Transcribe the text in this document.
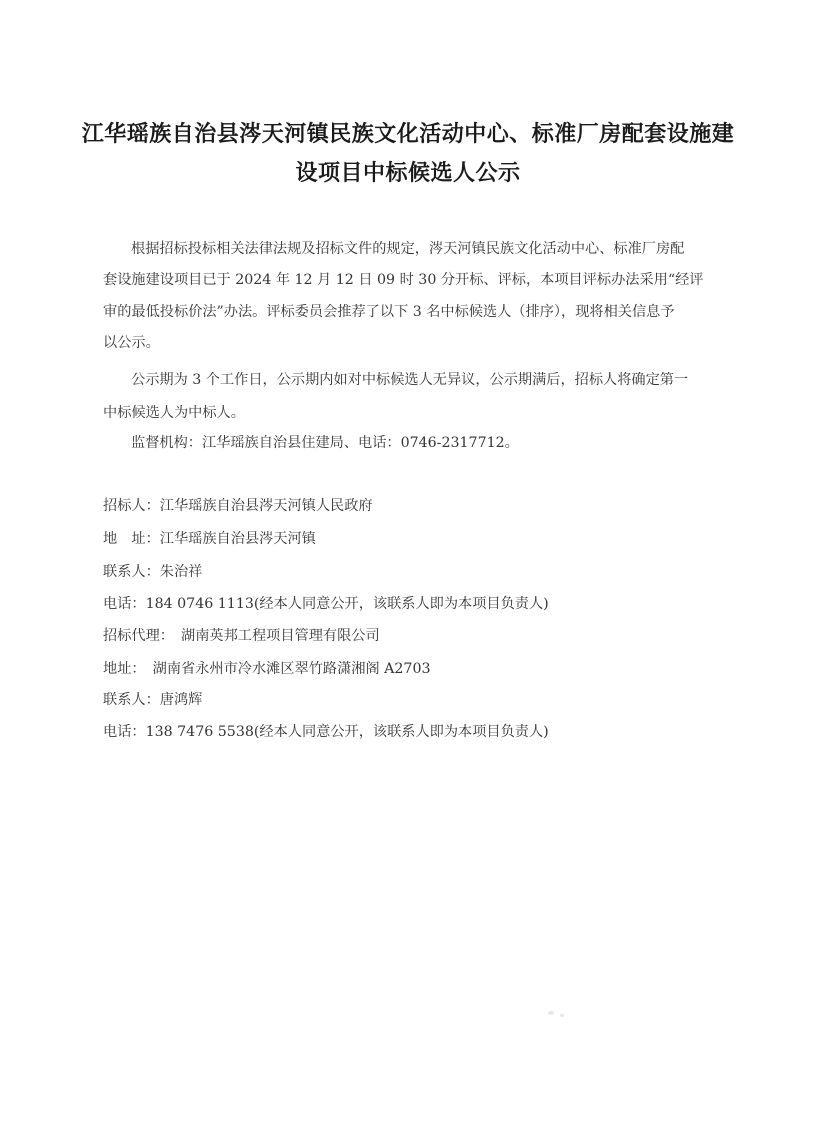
江华瑶族自治县涔天河镇民族文化活动中心、标准厂房配套设施建
设项目中标候选人公示

根据招标投标相关法律法规及招标文件的规定，涔天河镇民族文化活动中心、标准厂房配

套设施建设项目已于 2024 年 12 月 12 日 09 时 30 分开标、评标，本项目评标办法采用“经评

审的最低投标价法”办法。评标委员会推荐了以下 3 名中标候选人（排序），现将相关信息予

以公示。

公示期为 3 个工作日，公示期内如对中标候选人无异议，公示期满后，招标人将确定第一

中标候选人为中标人。

监督机构：江华瑶族自治县住建局、电话：0746-2317712。

招标人：江华瑶族自治县涔天河镇人民政府

地　址：江华瑶族自治县涔天河镇

联系人：朱治祥

电话：184 0746 1113(经本人同意公开，该联系人即为本项目负责人)

招标代理：　湖南英邦工程项目管理有限公司

地址：　湖南省永州市冷水滩区翠竹路潇湘阁 A2703

联系人：唐鸿辉

电话：138 7476 5538(经本人同意公开，该联系人即为本项目负责人)
